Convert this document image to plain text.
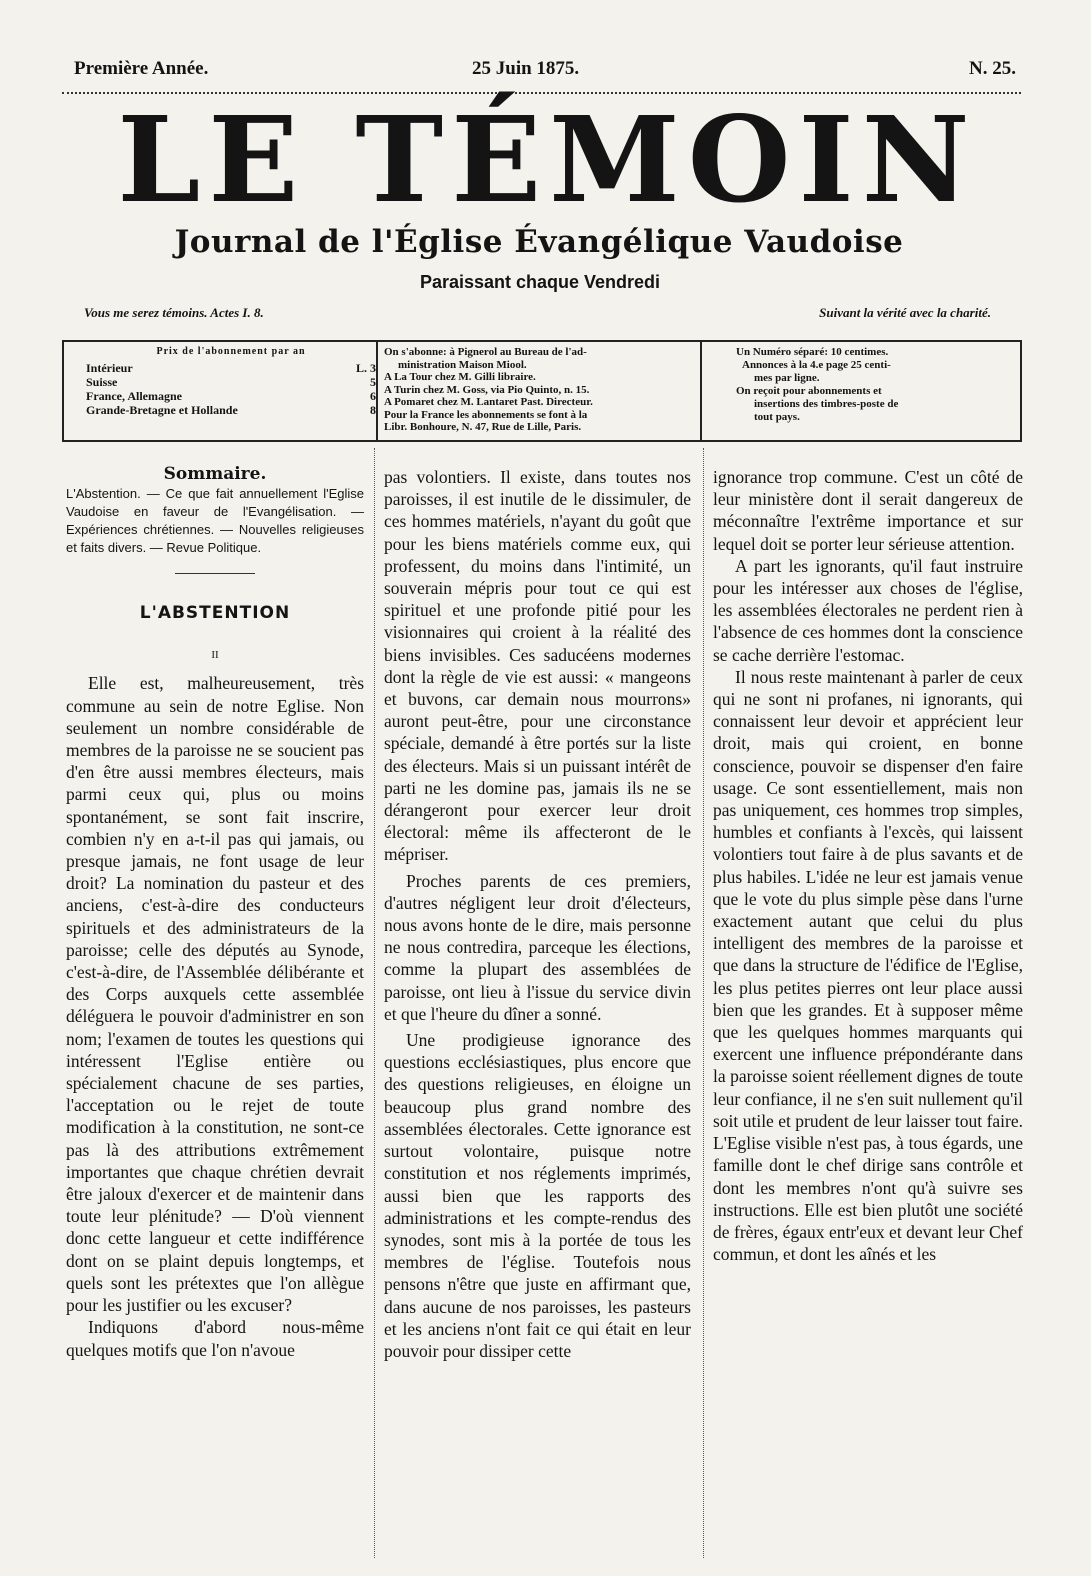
Première Année.	25 Juin 1875.	N. 25.
LE TÉMOIN
Journal de l'Église Évangélique Vaudoise
Paraissant chaque Vendredi
Vous me serez témoins. Actes I. 8.	Suivant la vérité avec la charité.
Prix de l'abonnement par an
Intérieur	L. 3
Suisse	5
France, Allemagne	6
Grande-Bretagne et Hollande	8

On s'abonne: à Pignerol au Bureau de l'ad-

ministration Maison Miool.

A La Tour chez M. Gilli libraire.

A Turin chez M. Goss, via Pio Quinto, n. 15.

A Pomaret chez M. Lantaret Past. Directeur.

Pour la France les abonnements se font à la

Libr. Bonhoure, N. 47, Rue de Lille, Paris.

Un Numéro séparé: 10 centimes.

Annonces à la 4.e page 25 centi-

mes par ligne.

On reçoit pour abonnements et

insertions des timbres-poste de

tout pays.

Sommaire.

L'Abstention. — Ce que fait annuellement l'Eglise Vaudoise en faveur de l'Evangélisation. — Expériences chrétiennes. — Nouvelles religieuses et faits divers. — Revue Politique.

L'ABSTENTION
II

Elle est, malheureusement, très commune au sein de notre Eglise. Non seulement un nombre considérable de membres de la paroisse ne se soucient pas d'en être aussi membres électeurs, mais parmi ceux qui, plus ou moins spontanément, se sont fait inscrire, combien n'y en a-t-il pas qui jamais, ou presque jamais, ne font usage de leur droit? La nomination du pasteur et des anciens, c'est-à-dire des conducteurs spirituels et des administrateurs de la paroisse; celle des députés au Synode, c'est-à-dire, de l'Assemblée délibérante et des Corps auxquels cette assemblée déléguera le pouvoir d'administrer en son nom; l'examen de toutes les questions qui intéressent l'Eglise entière ou spécialement chacune de ses parties, l'acceptation ou le rejet de toute modification à la constitution, ne sont-ce pas là des attributions extrêmement importantes que chaque chrétien devrait être jaloux d'exercer et de maintenir dans toute leur plénitude? — D'où viennent donc cette langueur et cette indifférence dont on se plaint depuis longtemps, et quels sont les prétextes que l'on allègue pour les justifier ou les excuser?

Indiquons d'abord nous-même quelques motifs que l'on n'avoue

pas volontiers. Il existe, dans toutes nos paroisses, il est inutile de le dissimuler, de ces hommes matériels, n'ayant du goût que pour les biens matériels comme eux, qui professent, du moins dans l'intimité, un souverain mépris pour tout ce qui est spirituel et une profonde pitié pour les visionnaires qui croient à la réalité des biens invisibles. Ces saducéens modernes dont la règle de vie est aussi: « mangeons et buvons, car demain nous mourrons» auront peut-être, pour une circonstance spéciale, demandé à être portés sur la liste des électeurs. Mais si un puissant intérêt de parti ne les domine pas, jamais ils ne se dérangeront pour exercer leur droit électoral: même ils affecteront de le mépriser.

Proches parents de ces premiers, d'autres négligent leur droit d'électeurs, nous avons honte de le dire, mais personne ne nous contredira, parceque les élections, comme la plupart des assemblées de paroisse, ont lieu à l'issue du service divin et que l'heure du dîner a sonné.

Une prodigieuse ignorance des questions ecclésiastiques, plus encore que des questions religieuses, en éloigne un beaucoup plus grand nombre des assemblées électorales. Cette ignorance est surtout volontaire, puisque notre constitution et nos réglements imprimés, aussi bien que les rapports des administrations et les compte-rendus des synodes, sont mis à la portée de tous les membres de l'église. Toutefois nous pensons n'être que juste en affirmant que, dans aucune de nos paroisses, les pasteurs et les anciens n'ont fait ce qui était en leur pouvoir pour dissiper cette

ignorance trop commune. C'est un côté de leur ministère dont il serait dangereux de méconnaître l'extrême importance et sur lequel doit se porter leur sérieuse attention.

A part les ignorants, qu'il faut instruire pour les intéresser aux choses de l'église, les assemblées électorales ne perdent rien à l'absence de ces hommes dont la conscience se cache derrière l'estomac.

Il nous reste maintenant à parler de ceux qui ne sont ni profanes, ni ignorants, qui connaissent leur devoir et apprécient leur droit, mais qui croient, en bonne conscience, pouvoir se dispenser d'en faire usage. Ce sont essentiellement, mais non pas uniquement, ces hommes trop simples, humbles et confiants à l'excès, qui laissent volontiers tout faire à de plus savants et de plus habiles. L'idée ne leur est jamais venue que le vote du plus simple pèse dans l'urne exactement autant que celui du plus intelligent des membres de la paroisse et que dans la structure de l'édifice de l'Eglise, les plus petites pierres ont leur place aussi bien que les grandes. Et à supposer même que les quelques hommes marquants qui exercent une influence prépondérante dans la paroisse soient réellement dignes de toute leur confiance, il ne s'en suit nullement qu'il soit utile et prudent de leur laisser tout faire. L'Eglise visible n'est pas, à tous égards, une famille dont le chef dirige sans contrôle et dont les membres n'ont qu'à suivre ses instructions. Elle est bien plutôt une société de frères, égaux entr'eux et devant leur Chef commun, et dont les aînés et les
